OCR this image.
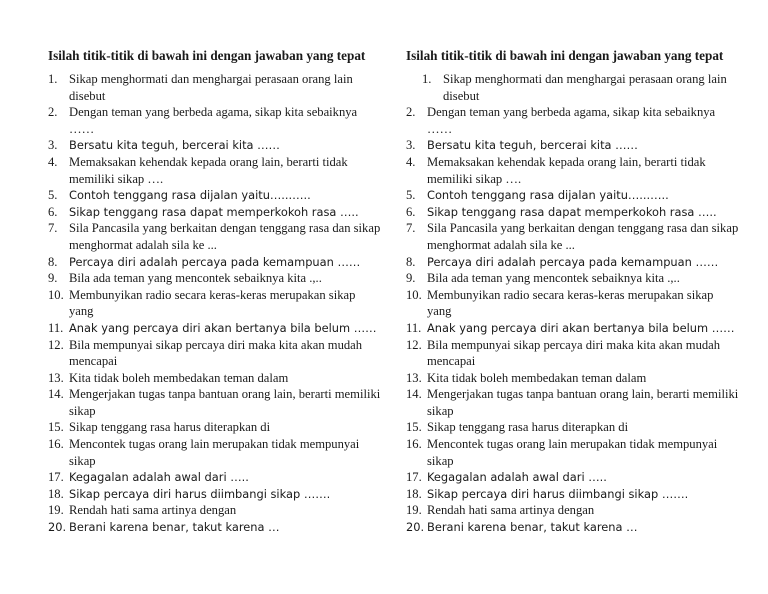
Isilah titik-titik di bawah ini dengan jawaban yang tepat
1. Sikap menghormati dan menghargai perasaan orang lain disebut
2. Dengan teman yang berbeda agama, sikap kita sebaiknya ……
3. Bersatu kita teguh, bercerai kita ……
4. Memaksakan kehendak kepada orang lain, berarti tidak memiliki sikap ….
5. Contoh tenggang rasa dijalan yaitu…...…..
6. Sikap tenggang rasa dapat memperkokoh rasa …..
7. Sila Pancasila yang berkaitan dengan tenggang rasa dan sikap menghormat adalah sila ke ...
8. Percaya diri adalah percaya pada kemampuan ……
9. Bila ada teman yang mencontek sebaiknya kita .,..
10. Membunyikan radio secara keras-keras merupakan sikap yang
11. Anak yang percaya diri akan bertanya bila belum ……
12. Bila mempunyai sikap percaya diri maka kita akan mudah mencapai
13. Kita tidak boleh membedakan teman dalam
14. Mengerjakan tugas tanpa bantuan orang lain, berarti memiliki sikap
15. Sikap tenggang rasa harus diterapkan di
16. Mencontek tugas orang lain merupakan tidak mempunyai sikap
17. Kegagalan adalah awal dari …..
18. Sikap percaya diri harus diimbangi sikap …….
19. Rendah hati sama artinya dengan
20. Berani karena benar, takut karena …
Isilah titik-titik di bawah ini dengan jawaban yang tepat
1. Sikap menghormati dan menghargai perasaan orang lain disebut
2. Dengan teman yang berbeda agama, sikap kita sebaiknya ……
3. Bersatu kita teguh, bercerai kita ……
4. Memaksakan kehendak kepada orang lain, berarti tidak memiliki sikap ….
5. Contoh tenggang rasa dijalan yaitu…...…..
6. Sikap tenggang rasa dapat memperkokoh rasa …..
7. Sila Pancasila yang berkaitan dengan tenggang rasa dan sikap menghormat adalah sila ke ...
8. Percaya diri adalah percaya pada kemampuan ……
9. Bila ada teman yang mencontek sebaiknya kita .,..
10. Membunyikan radio secara keras-keras merupakan sikap yang
11. Anak yang percaya diri akan bertanya bila belum ……
12. Bila mempunyai sikap percaya diri maka kita akan mudah mencapai
13. Kita tidak boleh membedakan teman dalam
14. Mengerjakan tugas tanpa bantuan orang lain, berarti memiliki sikap
15. Sikap tenggang rasa harus diterapkan di
16. Mencontek tugas orang lain merupakan tidak mempunyai sikap
17. Kegagalan adalah awal dari …..
18. Sikap percaya diri harus diimbangi sikap …….
19. Rendah hati sama artinya dengan
20. Berani karena benar, takut karena …
